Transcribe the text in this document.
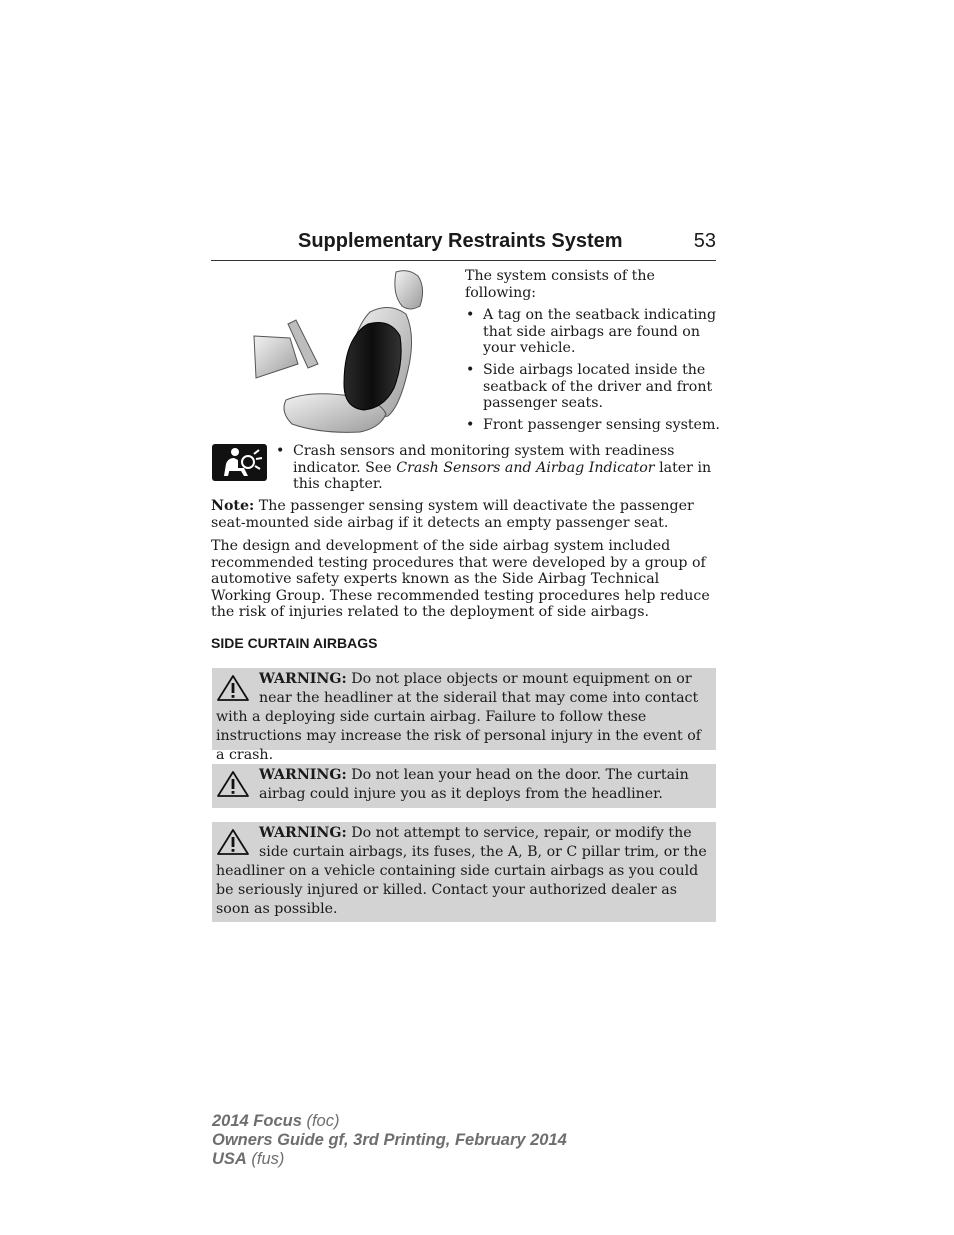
Supplementary Restraints System	53

The system consists of the following:

• A tag on the seatback indicating that side airbags are found on your vehicle.
• Side airbags located inside the seatback of the driver and front passenger seats.
• Front passenger sensing system.
• Crash sensors and monitoring system with readiness indicator. See Crash Sensors and Airbag Indicator later in this chapter.

Note: The passenger sensing system will deactivate the passenger seat-mounted side airbag if it detects an empty passenger seat.

The design and development of the side airbag system included recommended testing procedures that were developed by a group of automotive safety experts known as the Side Airbag Technical Working Group. These recommended testing procedures help reduce the risk of injuries related to the deployment of side airbags.

SIDE CURTAIN AIRBAGS
WARNING: Do not place objects or mount equipment on or near the headliner at the siderail that may come into contact with a deploying side curtain airbag. Failure to follow these instructions may increase the risk of personal injury in the event of a crash.
WARNING: Do not lean your head on the door. The curtain airbag could injure you as it deploys from the headliner.
WARNING: Do not attempt to service, repair, or modify the side curtain airbags, its fuses, the A, B, or C pillar trim, or the headliner on a vehicle containing side curtain airbags as you could be seriously injured or killed. Contact your authorized dealer as soon as possible.
2014 Focus (foc)
Owners Guide gf, 3rd Printing, February 2014
USA (fus)
